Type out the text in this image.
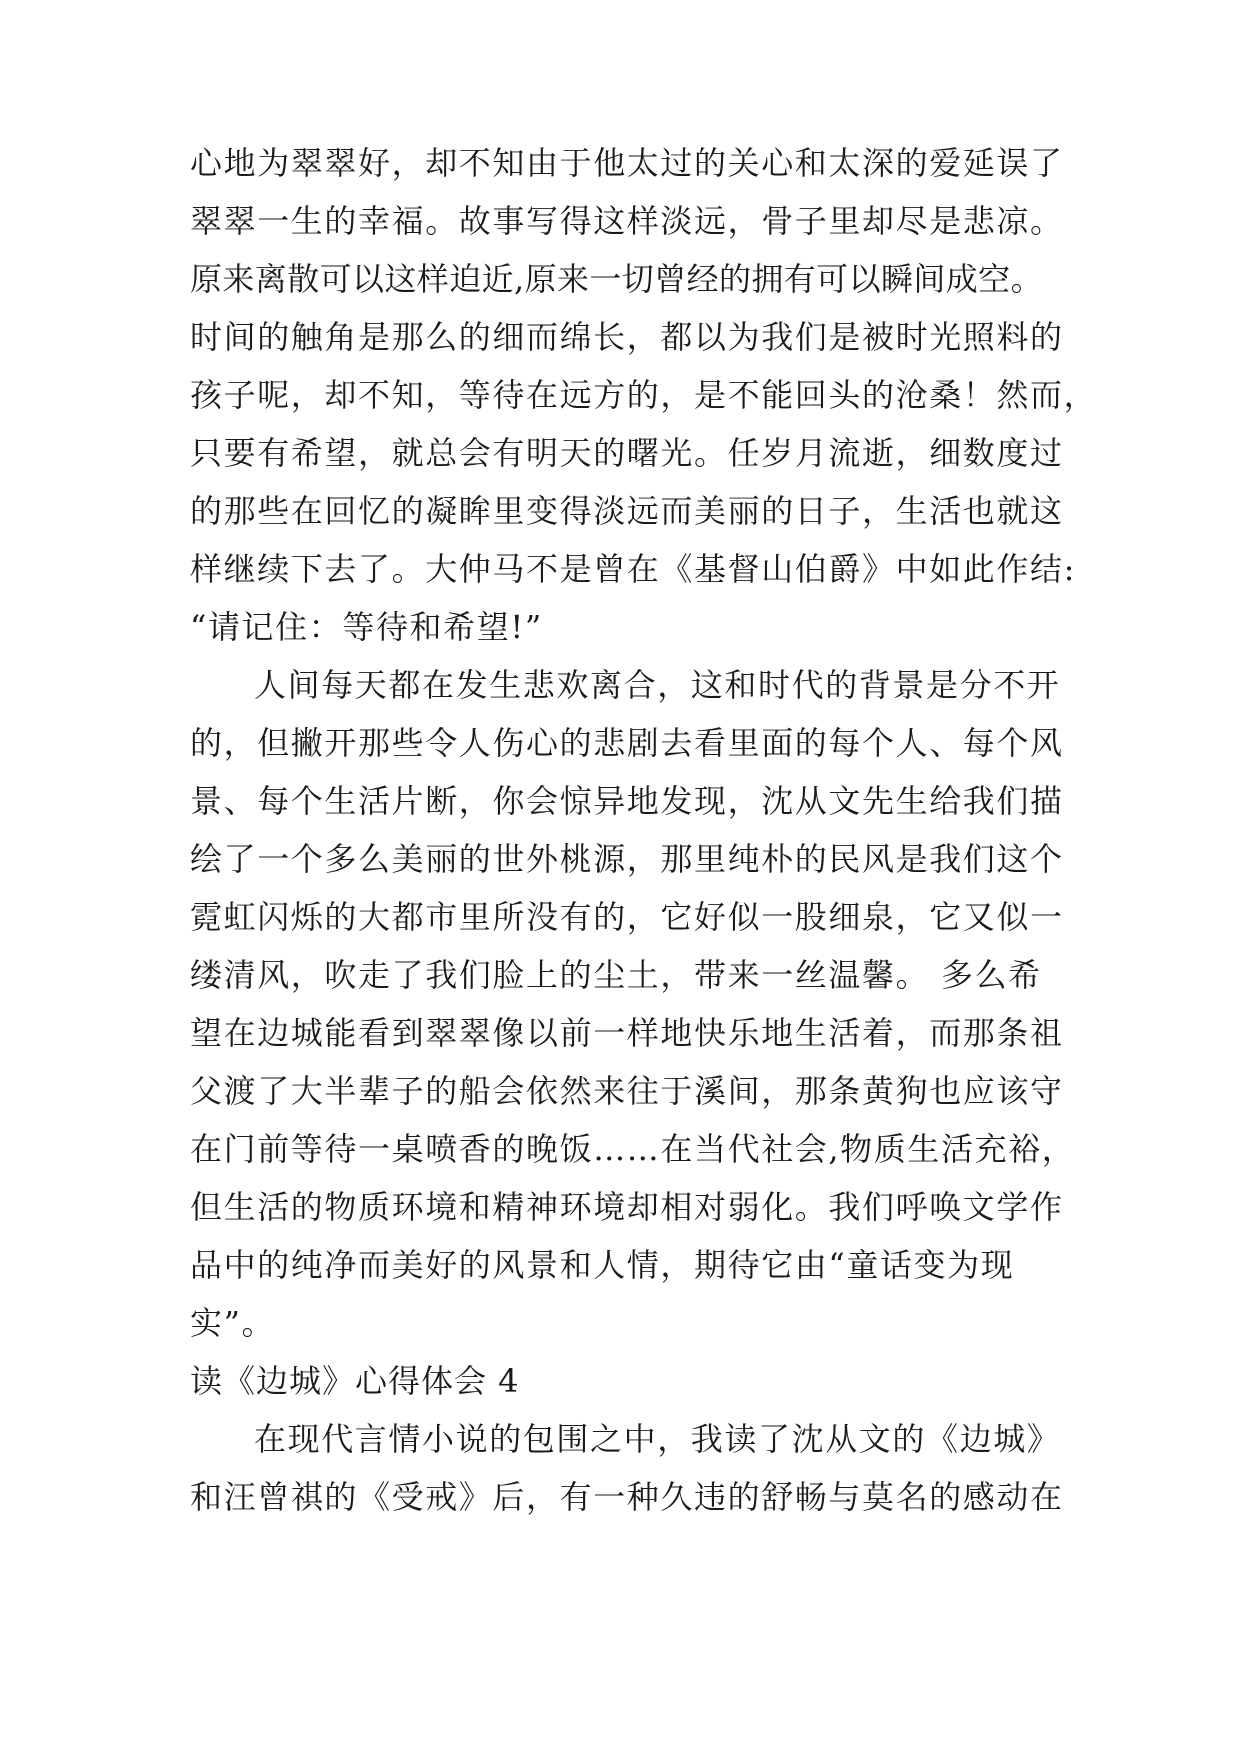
心地为翠翠好，却不知由于他太过的关心和太深的爱延误了
翠翠一生的幸福。故事写得这样淡远，骨子里却尽是悲凉。
原来离散可以这样迫近,原来一切曾经的拥有可以瞬间成空。
时间的触角是那么的细而绵长，都以为我们是被时光照料的
孩子呢，却不知，等待在远方的，是不能回头的沧桑！然而，
只要有希望，就总会有明天的曙光。任岁月流逝，细数度过
的那些在回忆的凝眸里变得淡远而美丽的日子，生活也就这
样继续下去了。大仲马不是曾在《基督山伯爵》中如此作结:
“请记住：等待和希望!”
人间每天都在发生悲欢离合，这和时代的背景是分不开
的，但撇开那些令人伤心的悲剧去看里面的每个人、每个风
景、每个生活片断，你会惊异地发现，沈从文先生给我们描
绘了一个多么美丽的世外桃源，那里纯朴的民风是我们这个
霓虹闪烁的大都市里所没有的，它好似一股细泉，它又似一
缕清风，吹走了我们脸上的尘土，带来一丝温馨。 多么希
望在边城能看到翠翠像以前一样地快乐地生活着，而那条祖
父渡了大半辈子的船会依然来往于溪间，那条黄狗也应该守
在门前等待一桌喷香的晚饭……在当代社会,物质生活充裕，
但生活的物质环境和精神环境却相对弱化。我们呼唤文学作
品中的纯净而美好的风景和人情，期待它由“童话变为现
实”。
读《边城》心得体会 4
在现代言情小说的包围之中，我读了沈从文的《边城》
和汪曾祺的《受戒》后，有一种久违的舒畅与莫名的感动在
